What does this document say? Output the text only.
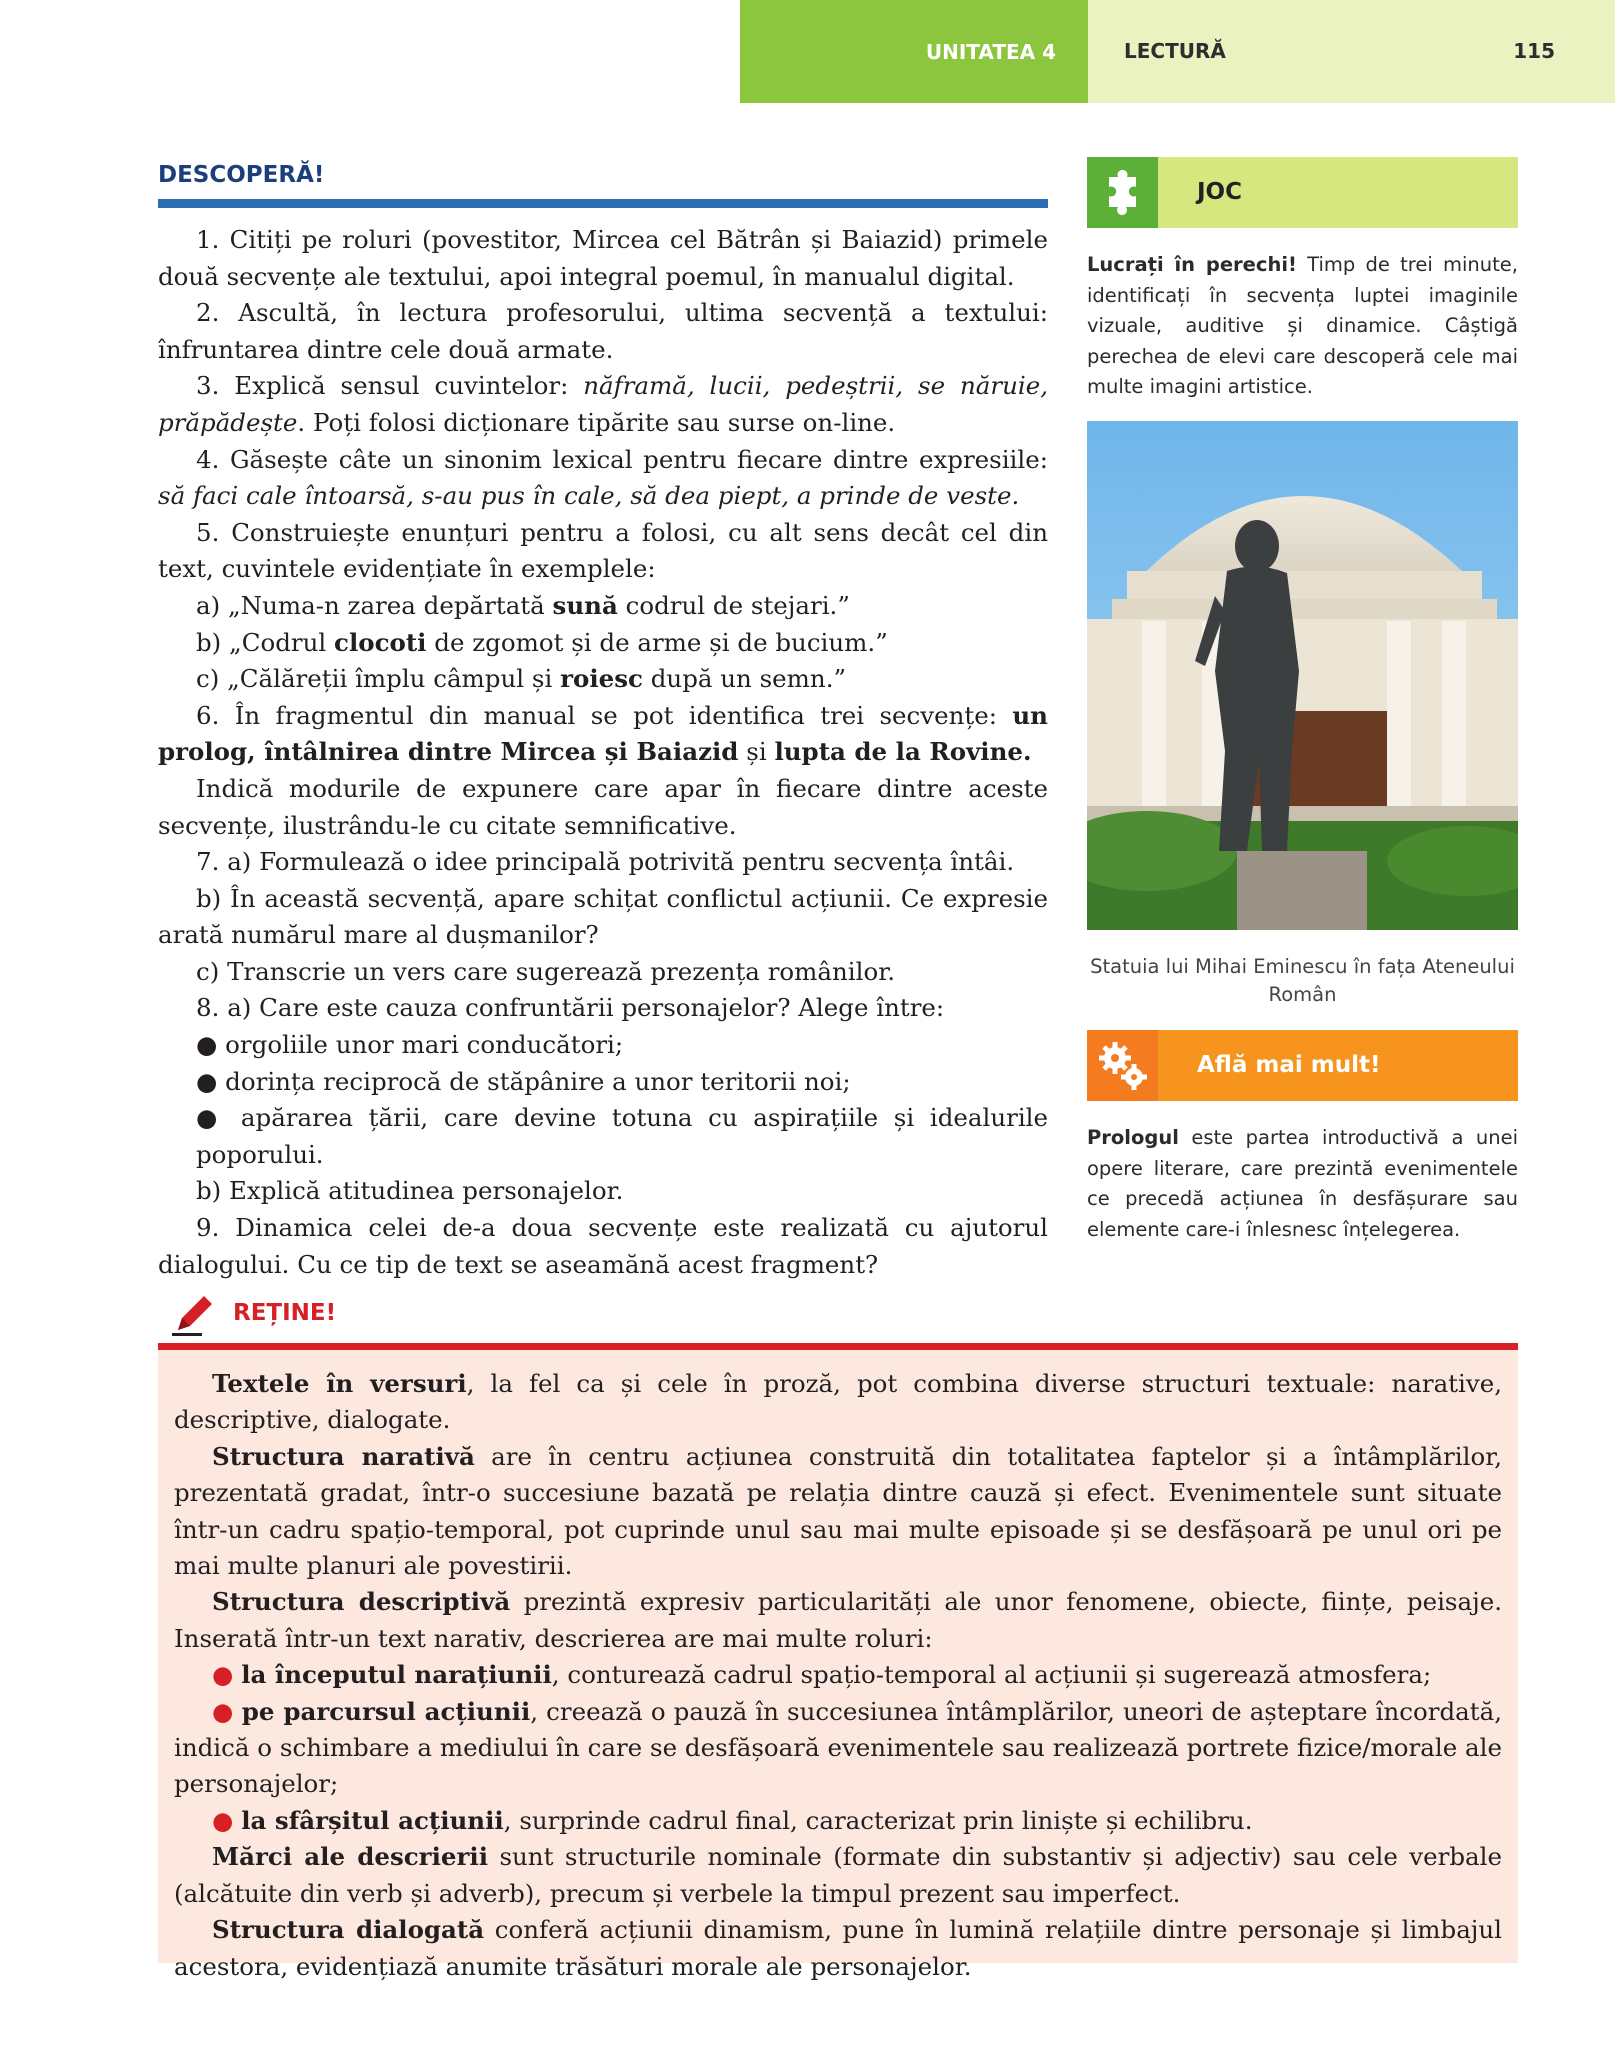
UNITATEA 4	LECTURĂ	115
DESCOPERĂ!

1. Citiți pe roluri (povestitor, Mircea cel Bătrân și Baiazid) primele două secvențe ale textului, apoi integral poemul, în manualul digital.

2. Ascultă, în lectura profesorului, ultima secvență a textului: înfruntarea dintre cele două armate.

3. Explică sensul cuvintelor: năframă, lucii, pedeștrii, se năruie, prăpădește. Poți folosi dicționare tipărite sau surse on-line.

4. Găsește câte un sinonim lexical pentru fiecare dintre expresiile: să faci cale întoarsă, s-au pus în cale, să dea piept, a prinde de veste.

5. Construiește enunțuri pentru a folosi, cu alt sens decât cel din text, cuvintele evidențiate în exemplele:

a) „Numa-n zarea depărtată sună codrul de stejari.”

b) „Codrul clocoti de zgomot și de arme și de bucium.”

c) „Călăreții împlu câmpul și roiesc după un semn.”

6. În fragmentul din manual se pot identifica trei secvențe: un prolog, întâlnirea dintre Mircea și Baiazid și lupta de la Rovine.

Indică modurile de expunere care apar în fiecare dintre aceste secvențe, ilustrându-le cu citate semnificative.

7. a) Formulează o idee principală potrivită pentru secvența întâi.

b) În această secvență, apare schițat conflictul acțiunii. Ce expresie arată numărul mare al dușmanilor?

c) Transcrie un vers care sugerează prezența românilor.

8. a) Care este cauza confruntării personajelor? Alege între:

● orgoliile unor mari conducători;

● dorința reciprocă de stăpânire a unor teritorii noi;

● apărarea țării, care devine totuna cu aspirațiile și idealurile poporului.

b) Explică atitudinea personajelor.

9. Dinamica celei de-a doua secvențe este realizată cu ajutorul dialogului. Cu ce tip de text se aseamănă acest fragment?

JOC
Lucrați în perechi! Timp de trei minute, identificați în secvența luptei imaginile vizuale, auditive și dinamice. Câștigă perechea de elevi care descoperă cele mai multe imagini artistice.
Statuia lui Mihai Eminescu în fața Ateneului Român
Află mai mult!
Prologul este partea introductivă a unei opere literare, care prezintă evenimentele ce precedă acțiunea în desfășurare sau elemente care-i înlesnesc înțelegerea.
REȚINE!

Textele în versuri, la fel ca și cele în proză, pot combina diverse structuri textuale: narative, descriptive, dialogate.

Structura narativă are în centru acțiunea construită din totalitatea faptelor și a întâmplărilor, prezentată gradat, într-o succesiune bazată pe relația dintre cauză și efect. Evenimentele sunt situate într-un cadru spațio-temporal, pot cuprinde unul sau mai multe episoade și se desfășoară pe unul ori pe mai multe planuri ale povestirii.

Structura descriptivă prezintă expresiv particularități ale unor fenomene, obiecte, ființe, peisaje. Inserată într-un text narativ, descrierea are mai multe roluri:

● la începutul narațiunii, conturează cadrul spațio-temporal al acțiunii și sugerează atmosfera;

● pe parcursul acțiunii, creează o pauză în succesiunea întâmplărilor, uneori de așteptare încordată, indică o schimbare a mediului în care se desfășoară evenimentele sau realizează portrete fizice/morale ale personajelor;

● la sfârșitul acțiunii, surprinde cadrul final, caracterizat prin liniște și echilibru.

Mărci ale descrierii sunt structurile nominale (formate din substantiv și adjectiv) sau cele verbale (alcătuite din verb și adverb), precum și verbele la timpul prezent sau imperfect.

Structura dialogată conferă acțiunii dinamism, pune în lumină relațiile dintre personaje și limbajul acestora, evidențiază anumite trăsături morale ale personajelor.
